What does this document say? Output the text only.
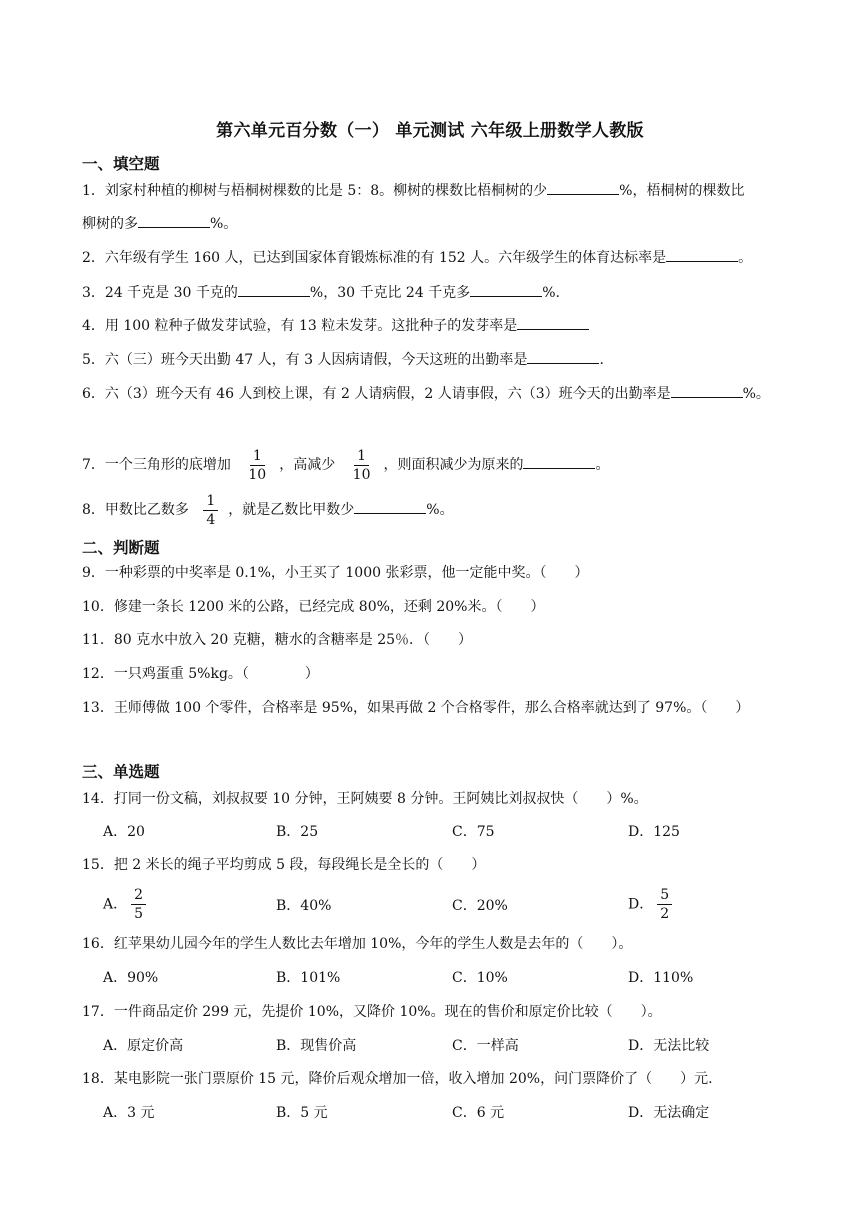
第六单元百分数（一） 单元测试 六年级上册数学人教版
一、填空题
1．刘家村种植的柳树与梧桐树棵数的比是 5：8。柳树的棵数比梧桐树的少	%，梧桐树的棵数比
柳树的多	%。
2．六年级有学生 160 人，已达到国家体育锻炼标准的有 152 人。六年级学生的体育达标率是	。
3．24 千克是 30 千克的	%，30 千克比 24 千克多	%.
4．用 100 粒种子做发芽试验，有 13 粒未发芽。这批种子的发芽率是
5．六（三）班今天出勤 47 人，有 3 人因病请假，今天这班的出勤率是	.
6．六（3）班今天有 46 人到校上课，有 2 人请病假，2 人请事假，六（3）班今天的出勤率是	%。
7．一个三角形的底增加 $\frac{1}{10}$ ，高减少 $\frac{1}{10}$ ，则面积减少为原来的	。
8．甲数比乙数多 $\frac{1}{4}$ ，就是乙数比甲数少	%。
二、判断题
9．一种彩票的中奖率是 0.1%，小王买了 1000 张彩票，他一定能中奖。（　　）
10．修建一条长 1200 米的公路，已经完成 80%，还剩 20%米。（　　）
11．80 克水中放入 20 克糖，糖水的含糖率是 25％．（　　）
12．一只鸡蛋重 5%kg。（　　　　）
13．王师傅做 100 个零件，合格率是 95%，如果再做 2 个合格零件，那么合格率就达到了 97%。（　　）
三、单选题
14．打同一份文稿，刘叔叔要 10 分钟，王阿姨要 8 分钟。王阿姨比刘叔叔快（　　）%。
A．20	B．25	C．75	D．125
15．把 2 米长的绳子平均剪成 5 段，每段绳长是全长的（　　）
A． $\frac{2}{5}$	B．40%	C．20%	D． $\frac{5}{2}$
16．红苹果幼儿园今年的学生人数比去年增加 10%，今年的学生人数是去年的（　　）。
A．90%	B．101%	C．10%	D．110%
17．一件商品定价 299 元，先提价 10%，又降价 10%。现在的售价和原定价比较（　　）。
A．原定价高	B．现售价高	C．一样高	D．无法比较
18．某电影院一张门票原价 15 元，降价后观众增加一倍，收入增加 20%，问门票降价了（　　）元.
A．3 元	B．5 元	C．6 元	D．无法确定
